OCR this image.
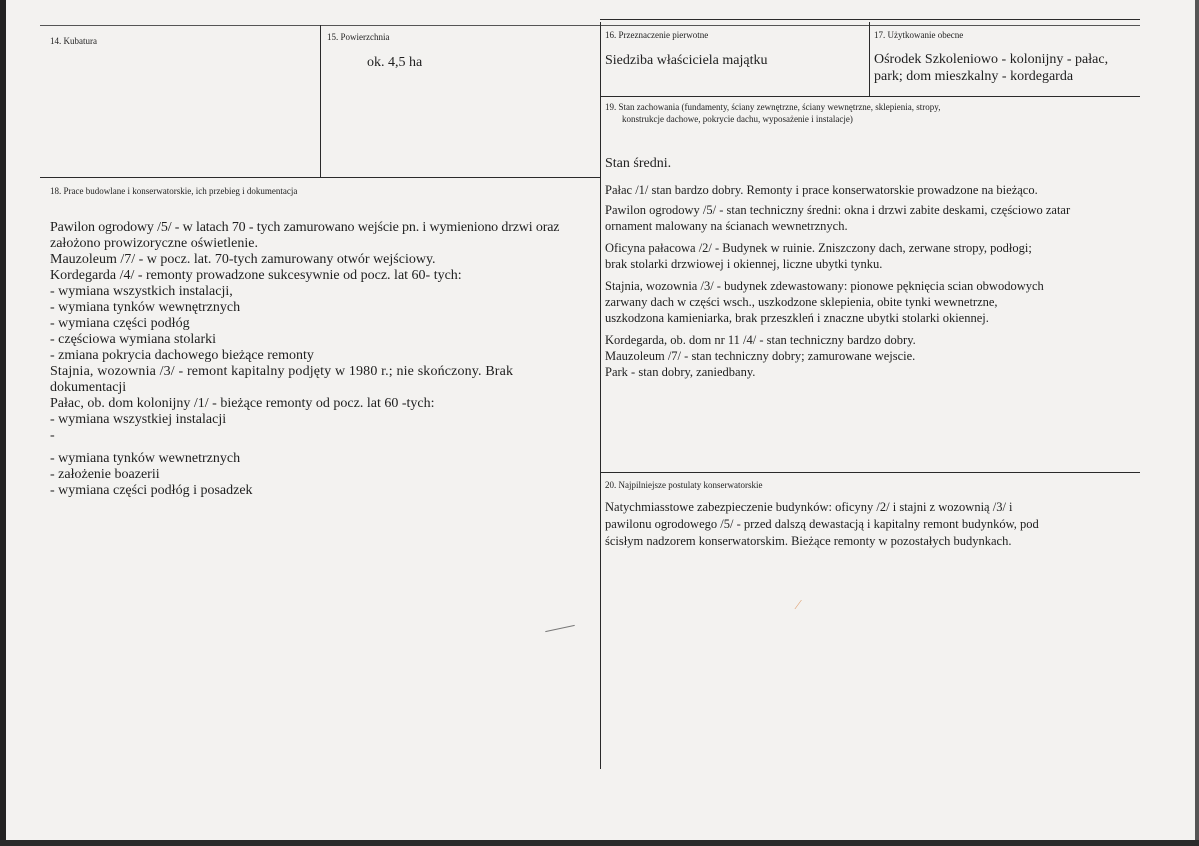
14. Kubatura	15. Powierzchnia
ok. 4,5 ha
16. Przeznaczenie pierwotne
Siedziba właściciela majątku
17. Użytkowanie obecne

Ośrodek Szkoleniowo - kolonijny - pałac,

park; dom mieszkalny - kordegarda

18. Prace budowlane i konserwatorskie, ich przebieg i dokumentacja

Pawilon ogrodowy /5/ - w latach 70 - tych zamurowano wejście pn. i wymieniono drzwi oraz

założono prowizoryczne oświetlenie.

Mauzoleum /7/ - w pocz. lat. 70-tych zamurowany otwór wejściowy.

Kordegarda /4/ - remonty prowadzone sukcesywnie od pocz. lat 60- tych:

- wymiana wszystkich instalacji,

- wymiana tynków wewnętrznych

- wymiana części podłóg

- częściowa wymiana stolarki

- zmiana pokrycia dachowego bieżące remonty

Stajnia, wozownia /3/ - remont kapitalny podjęty w 1980 r.; nie skończony. Brak

dokumentacji

Pałac, ob. dom kolonijny /1/ - bieżące remonty od pocz. lat 60 -tych:

- wymiana wszystkiej instalacji

-

- wymiana tynków wewnetrznych

- założenie boazerii

- wymiana części podłóg i posadzek

19. Stan zachowania (fundamenty, ściany zewnętrzne, ściany wewnętrzne, sklepienia, stropy,
konstrukcje dachowe, pokrycie dachu, wyposażenie i instalacje)
Stan średni.

Pałac /1/ stan bardzo dobry. Remonty i prace konserwatorskie prowadzone na bieżąco.

Pawilon ogrodowy /5/ - stan techniczny średni: okna i drzwi zabite deskami, częściowo zatar

ornament malowany na ścianach wewnetrznych.

Oficyna pałacowa /2/ - Budynek w ruinie. Zniszczony dach, zerwane stropy, podłogi;

brak stolarki drzwiowej i okiennej, liczne ubytki tynku.

Stajnia, wozownia /3/ - budynek zdewastowany: pionowe pęknięcia scian obwodowych

zarwany dach w części wsch., uszkodzone sklepienia, obite tynki wewnetrzne,

uszkodzona kamieniarka, brak przeszkleń i znaczne ubytki stolarki okiennej.

Kordegarda, ob. dom nr 11 /4/ - stan techniczny bardzo dobry.

Mauzoleum /7/ - stan techniczny dobry; zamurowane wejscie.

Park - stan dobry, zaniedbany.

20. Najpilniejsze postulaty konserwatorskie

Natychmiasstowe zabezpieczenie budynków: oficyny /2/ i stajni z wozownią /3/ i

pawilonu ogrodowego /5/ - przed dalszą dewastacją i kapitalny remont budynków, pod

ścisłym nadzorem konserwatorskim. Bieżące remonty w pozostałych budynkach.

⁄
